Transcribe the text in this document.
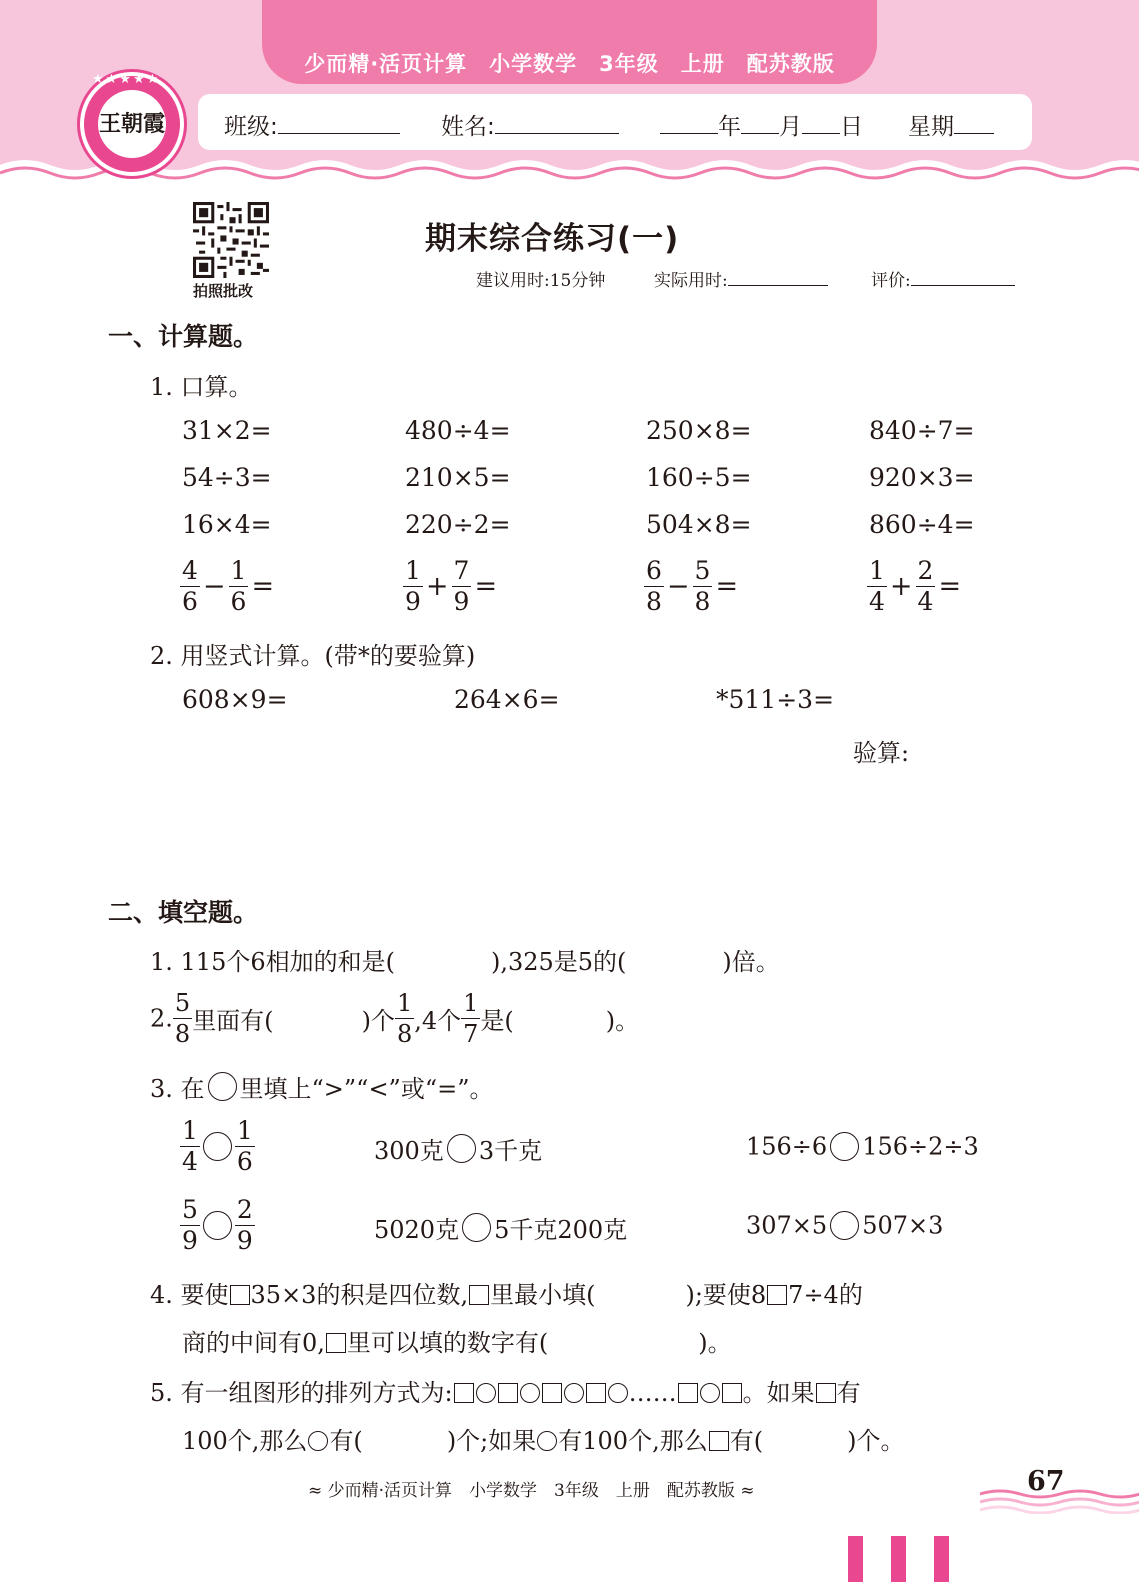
少而精·活页计算　小学数学　3年级　上册　配苏教版
王朝霞
★★★★★
班级:	姓名:	年 月 日 星期
拍照批改
期末综合练习(一)
建议用时:15分钟	实际用时:	评价:
一、计算题。
1. 口算。
31×2=	480÷4=	250×8=	840÷7=
54÷3=	210×5=	160÷5=	920×3=
16×4=	220÷2=	504×8=	860÷4=
$\frac{4}{6} - \frac{1}{6}$ =	$\frac{1}{9} + \frac{7}{9}$ =	$\frac{6}{8} - \frac{5}{8}$ =	$\frac{1}{4} + \frac{2}{4}$ =
2. 用竖式计算。(带*的要验算)
608×9=	264×6=	*511÷3=
验算:
二、填空题。
1. 115个6相加的和是(	),325是5的(	)倍。
2. $\frac{5}{8}$ 里面有(	)个 $\frac{1}{8} ,4$个 $\frac{1}{7}$ 是(	)。
3. 在 里填上“>”“<”或“=”。
$\frac{1}{4} \frac{1}{6}$	300克 3千克	156÷6 156÷2÷3
$\frac{5}{9} \frac{2}{9}$	5020克 5千克200克	307×5 507×3
4. 要使 35×3的积是四位数, 里最小填(	);要使8 7÷4的
商的中间有0, 里可以填的数字有(	)。
5. 有一组图形的排列方式为:	……	。如果 有
100个,那么 有(	)个;如果 有100个,那么 有(	)个。
≈ 少而精·活页计算　小学数学　3年级　上册　配苏教版 ≈	67
